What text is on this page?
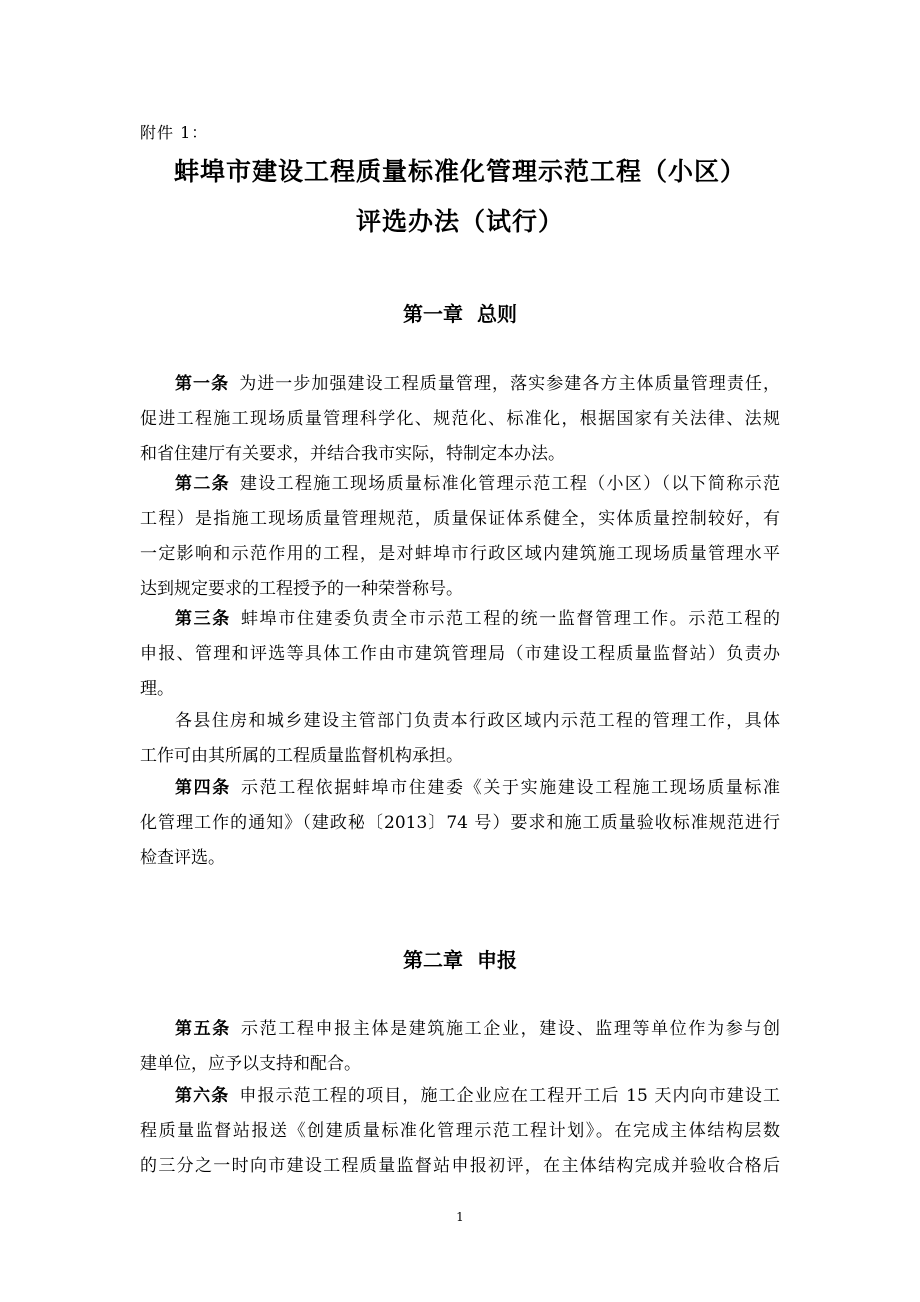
附件 1：
蚌埠市建设工程质量标准化管理示范工程（小区）
评选办法（试行）
第一章 总则
第一条 为进一步加强建设工程质量管理，落实参建各方主体质量管理责任，
促进工程施工现场质量管理科学化、规范化、标准化，根据国家有关法律、法规
和省住建厅有关要求，并结合我市实际，特制定本办法。
第二条 建设工程施工现场质量标准化管理示范工程（小区）（以下简称示范
工程）是指施工现场质量管理规范，质量保证体系健全，实体质量控制较好，有
一定影响和示范作用的工程，是对蚌埠市行政区域内建筑施工现场质量管理水平
达到规定要求的工程授予的一种荣誉称号。
第三条 蚌埠市住建委负责全市示范工程的统一监督管理工作。示范工程的
申报、管理和评选等具体工作由市建筑管理局（市建设工程质量监督站）负责办
理。
各县住房和城乡建设主管部门负责本行政区域内示范工程的管理工作，具体
工作可由其所属的工程质量监督机构承担。
第四条 示范工程依据蚌埠市住建委《关于实施建设工程施工现场质量标准
化管理工作的通知》（建政秘〔2013〕74 号）要求和施工质量验收标准规范进行
检查评选。
第二章 申报
第五条 示范工程申报主体是建筑施工企业，建设、监理等单位作为参与创
建单位，应予以支持和配合。
第六条 申报示范工程的项目，施工企业应在工程开工后 15 天内向市建设工
程质量监督站报送《创建质量标准化管理示范工程计划》。在完成主体结构层数
的三分之一时向市建设工程质量监督站申报初评，在主体结构完成并验收合格后
1
